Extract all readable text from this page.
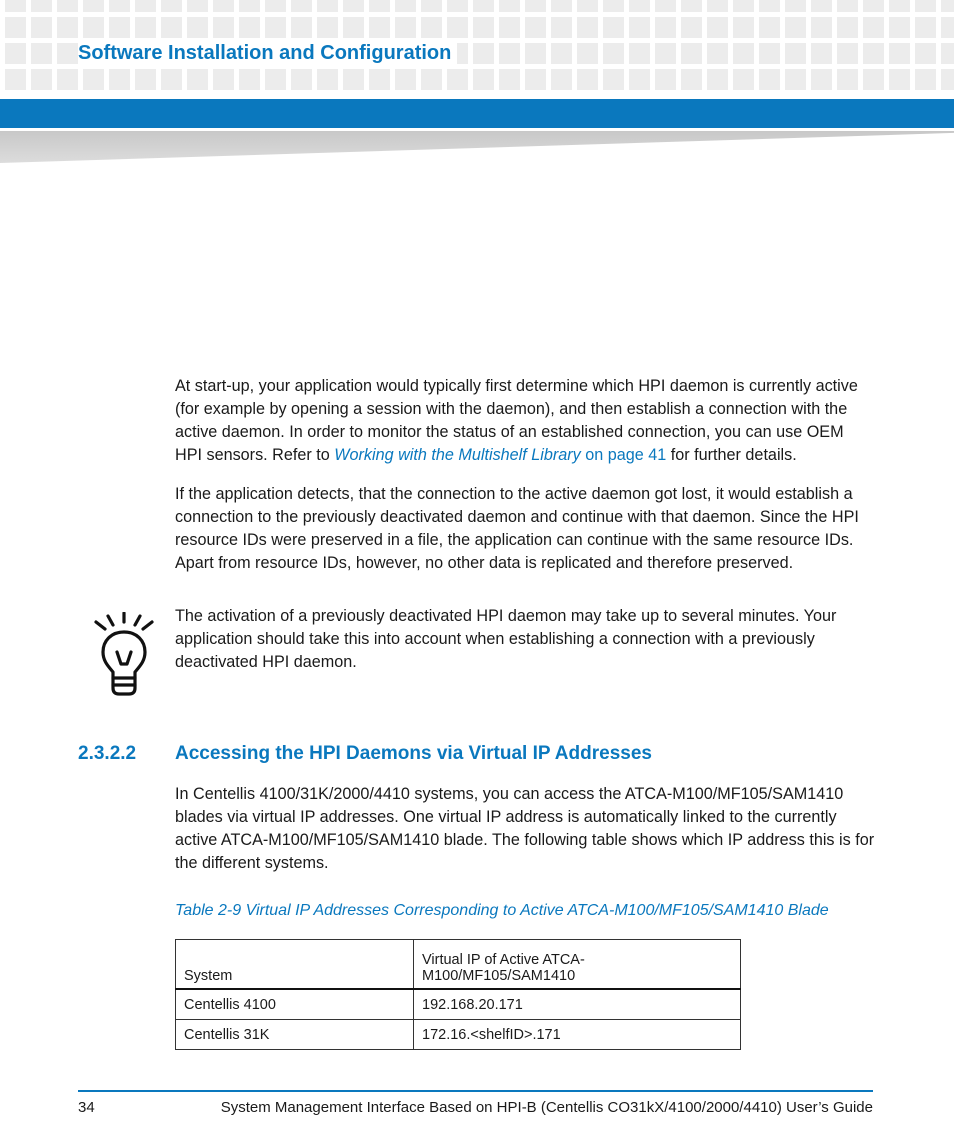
Software Installation and Configuration

At start-up, your application would typically first determine which HPI daemon is currently active (for example by opening a session with the daemon), and then establish a connection with the active daemon. In order to monitor the status of an established connection, you can use OEM HPI sensors. Refer to Working with the Multishelf Library on page 41 for further details.

If the application detects, that the connection to the active daemon got lost, it would establish a connection to the previously deactivated daemon and continue with that daemon. Since the HPI resource IDs were preserved in a file, the application can continue with the same resource IDs. Apart from resource IDs, however, no other data is replicated and therefore preserved.

The activation of a previously deactivated HPI daemon may take up to several minutes. Your application should take this into account when establishing a connection with a previously deactivated HPI daemon.

2.3.2.2 Accessing the HPI Daemons via Virtual IP Addresses

In Centellis 4100/31K/2000/4410 systems, you can access the ATCA-M100/MF105/SAM1410 blades via virtual IP addresses. One virtual IP address is automatically linked to the currently active ATCA-M100/MF105/SAM1410 blade. The following table shows which IP address this is for the different systems.

Table 2-9 Virtual IP Addresses Corresponding to Active ATCA-M100/MF105/SAM1410 Blade

System	Virtual IP of Active ATCA-M100/MF105/SAM1410
Centellis 4100	192.168.20.171
Centellis 31K	172.16.<shelfID>.171

34	System Management Interface Based on HPI-B (Centellis CO31kX/4100/2000/4410) User’s Guide
